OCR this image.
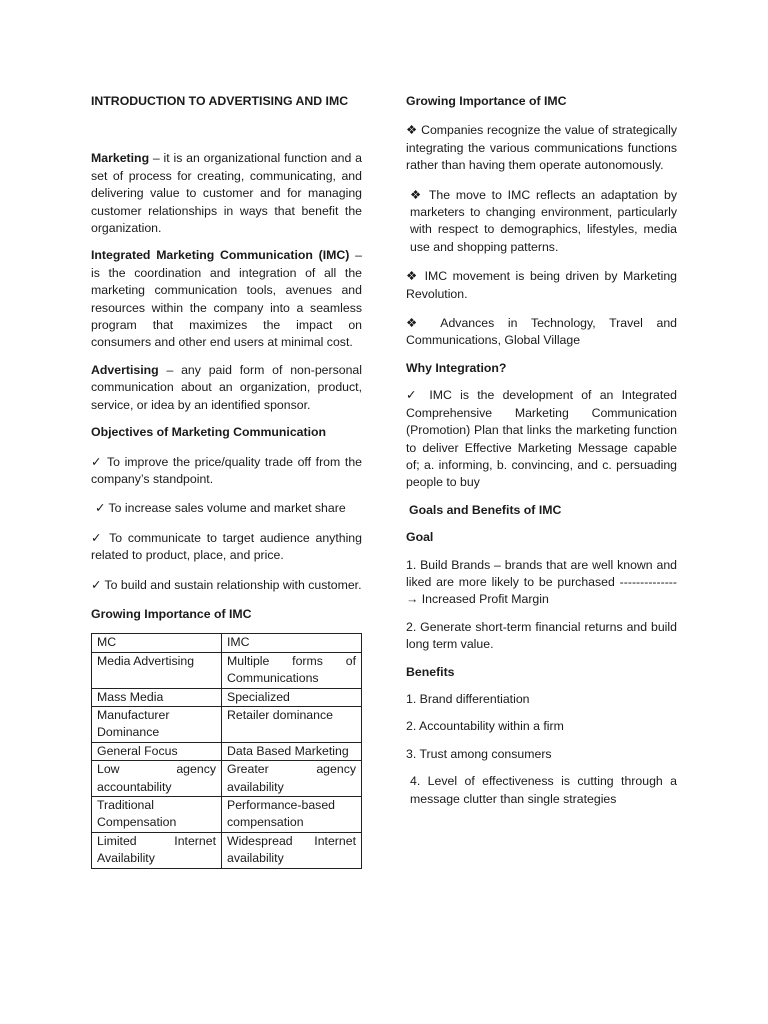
INTRODUCTION TO ADVERTISING AND IMC

Marketing – it is an organizational function and a set of process for creating, communicating, and delivering value to customer and for managing customer relationships in ways that benefit the organization.

Integrated Marketing Communication (IMC) – is the coordination and integration of all the marketing communication tools, avenues and resources within the company into a seamless program that maximizes the impact on consumers and other end users at minimal cost.

Advertising – any paid form of non-personal communication about an organization, product, service, or idea by an identified sponsor.

Objectives of Marketing Communication

✓ To improve the price/quality trade off from the company’s standpoint.

✓ To increase sales volume and market share

✓ To communicate to target audience anything related to product, place, and price.

✓ To build and sustain relationship with customer.

Growing Importance of IMC

MC	IMC
Media Advertising	Multiple forms of Communications
Mass Media	Specialized
Manufacturer Dominance	Retailer dominance
General Focus	Data Based Marketing
Low agency accountability	Greater agency availability
Traditional Compensation	Performance-based compensation
Limited Internet Availability	Widespread Internet availability

Growing Importance of IMC

❖ Companies recognize the value of strategically integrating the various communications functions rather than having them operate autonomously.

❖ The move to IMC reflects an adaptation by marketers to changing environment, particularly with respect to demographics, lifestyles, media use and shopping patterns.

❖ IMC movement is being driven by Marketing Revolution.

❖ Advances in Technology, Travel and Communications, Global Village

Why Integration?

✓ IMC is the development of an Integrated Comprehensive Marketing Communication (Promotion) Plan that links the marketing function to deliver Effective Marketing Message capable of; a. informing, b. convincing, and c. persuading people to buy

Goals and Benefits of IMC

Goal

1. Build Brands – brands that are well known and liked are more likely to be purchased --------------→ Increased Profit Margin

2. Generate short-term financial returns and build long term value.

Benefits

1. Brand differentiation

2. Accountability within a firm

3. Trust among consumers

4. Level of effectiveness is cutting through a message clutter than single strategies
